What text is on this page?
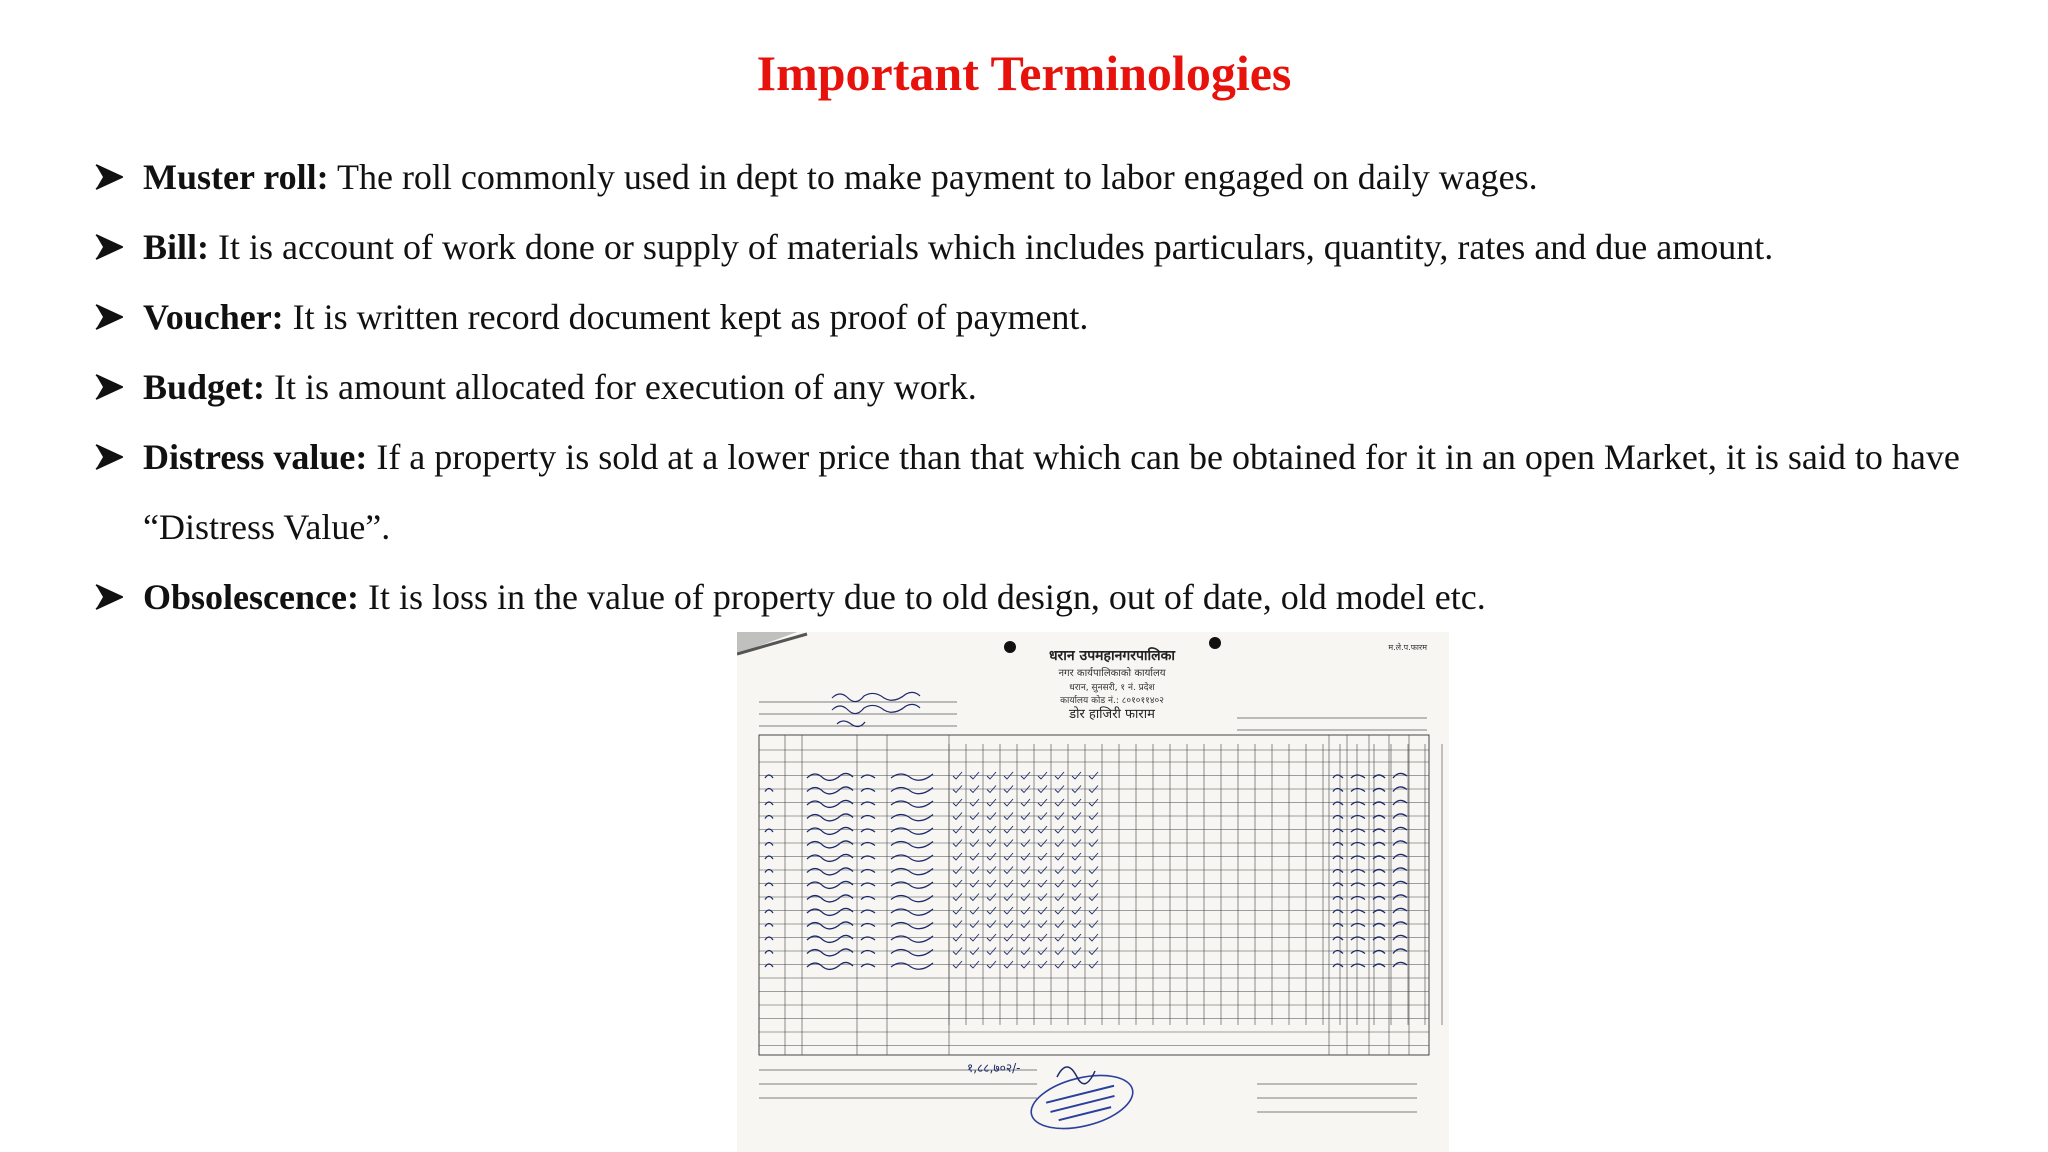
Important Terminologies
Muster roll: The roll commonly used in dept to make payment to labor engaged on daily wages.
Bill: It is account of work done or supply of materials which includes particulars, quantity, rates and due amount.
Voucher: It is written record document kept as proof of payment.
Budget: It is amount allocated for execution of any work.
Distress value: If a property is sold at a lower price than that which can be obtained for it in an open Market, it is said to have “Distress Value”.
Obsolescence: It is loss in the value of property due to old design, out of date, old model etc.
धरान उपमहानगरपालिका
नगर कार्यपालिकाको कार्यालय
धरान, सुनसरी, १ नं. प्रदेश
कार्यालय कोड नं.: ८०१०११४०२
डोर हाजिरी फाराम
म.ले.प.फारम
१,८८,७०२/-
